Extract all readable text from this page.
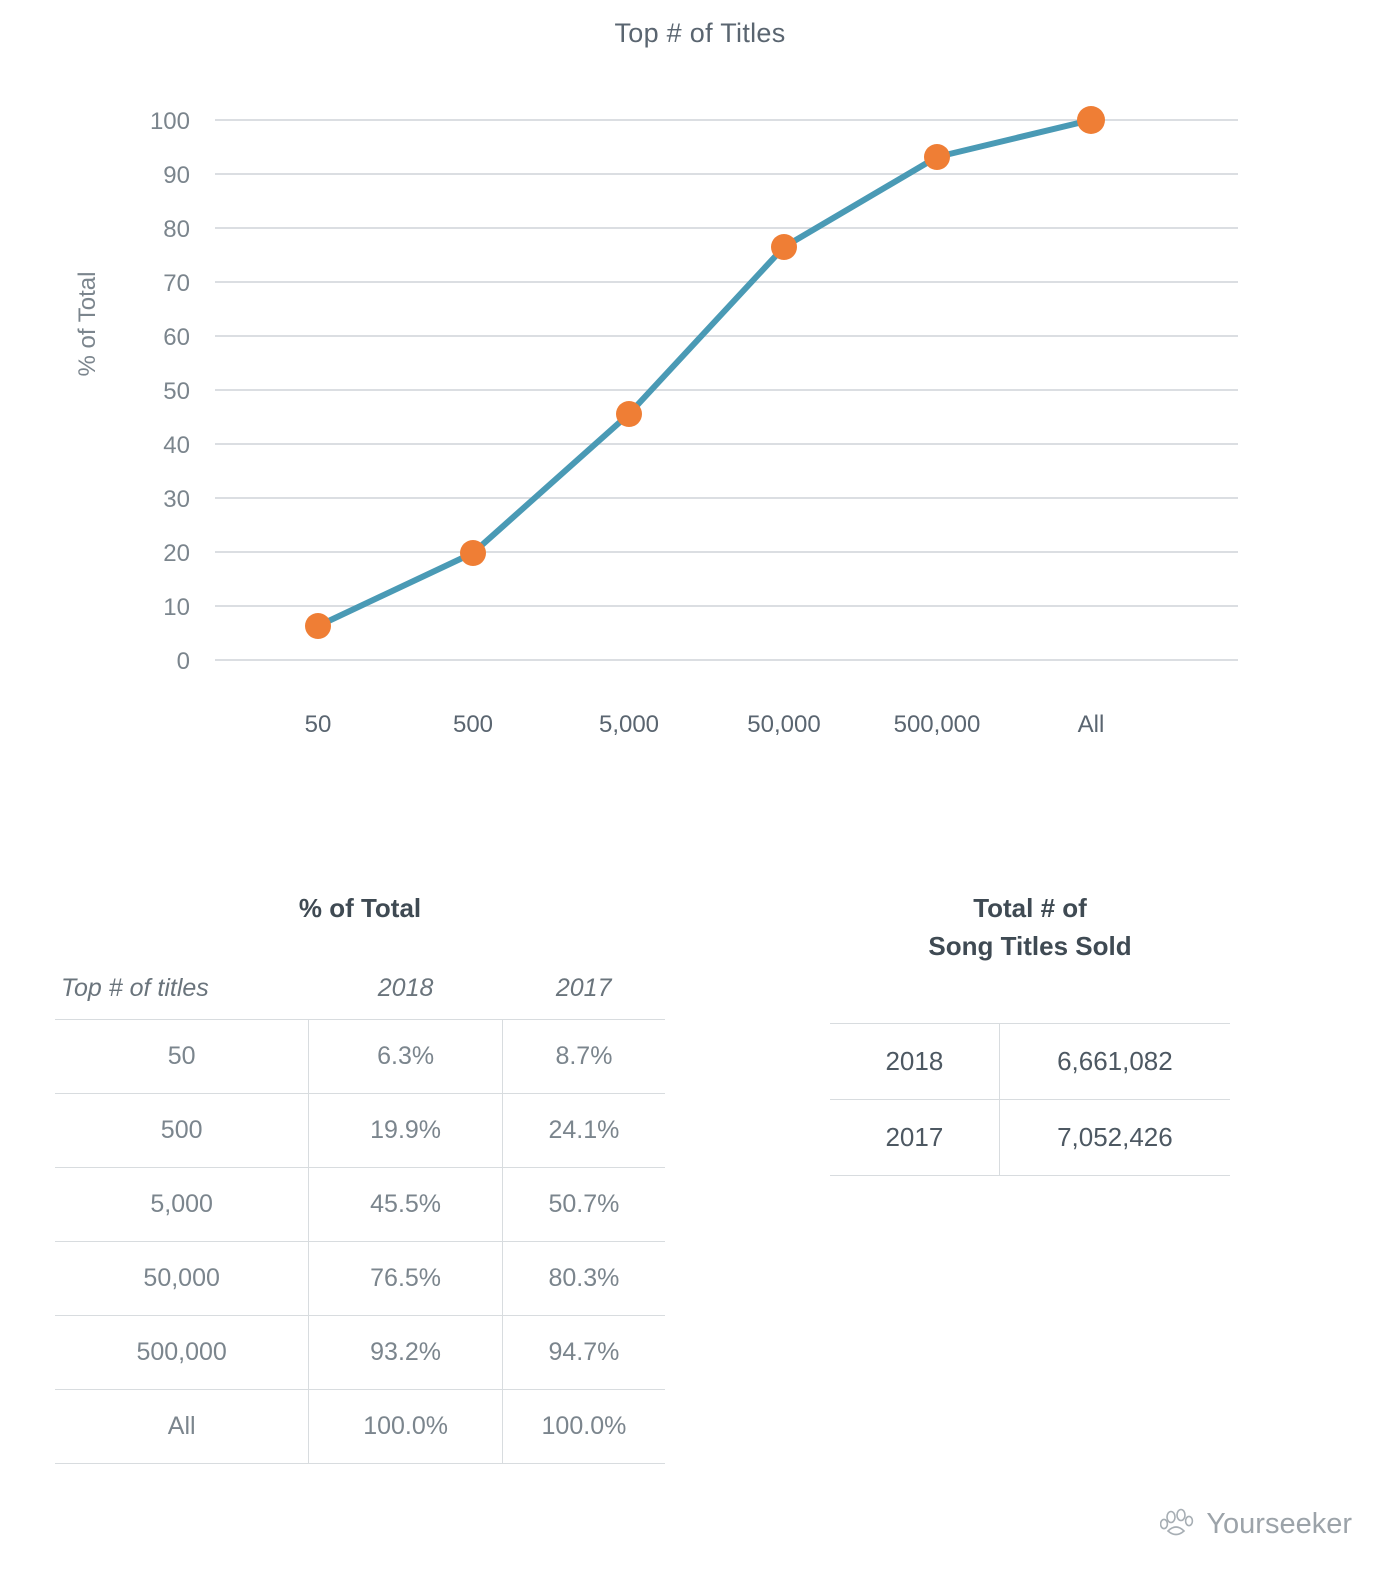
Top # of Titles
% of Total
100
90
80
70
60
50
40
30
20
10
0
50	500	5,000	50,000	500,000	All
% of Total
Top # of titles	2018	2017
50	6.3%	8.7%
500	19.9%	24.1%
5,000	45.5%	50.7%
50,000	76.5%	80.3%
500,000	93.2%	94.7%
All	100.0%	100.0%
Total # of
Song Titles Sold
2018	6,661,082
2017	7,052,426
Yourseeker
